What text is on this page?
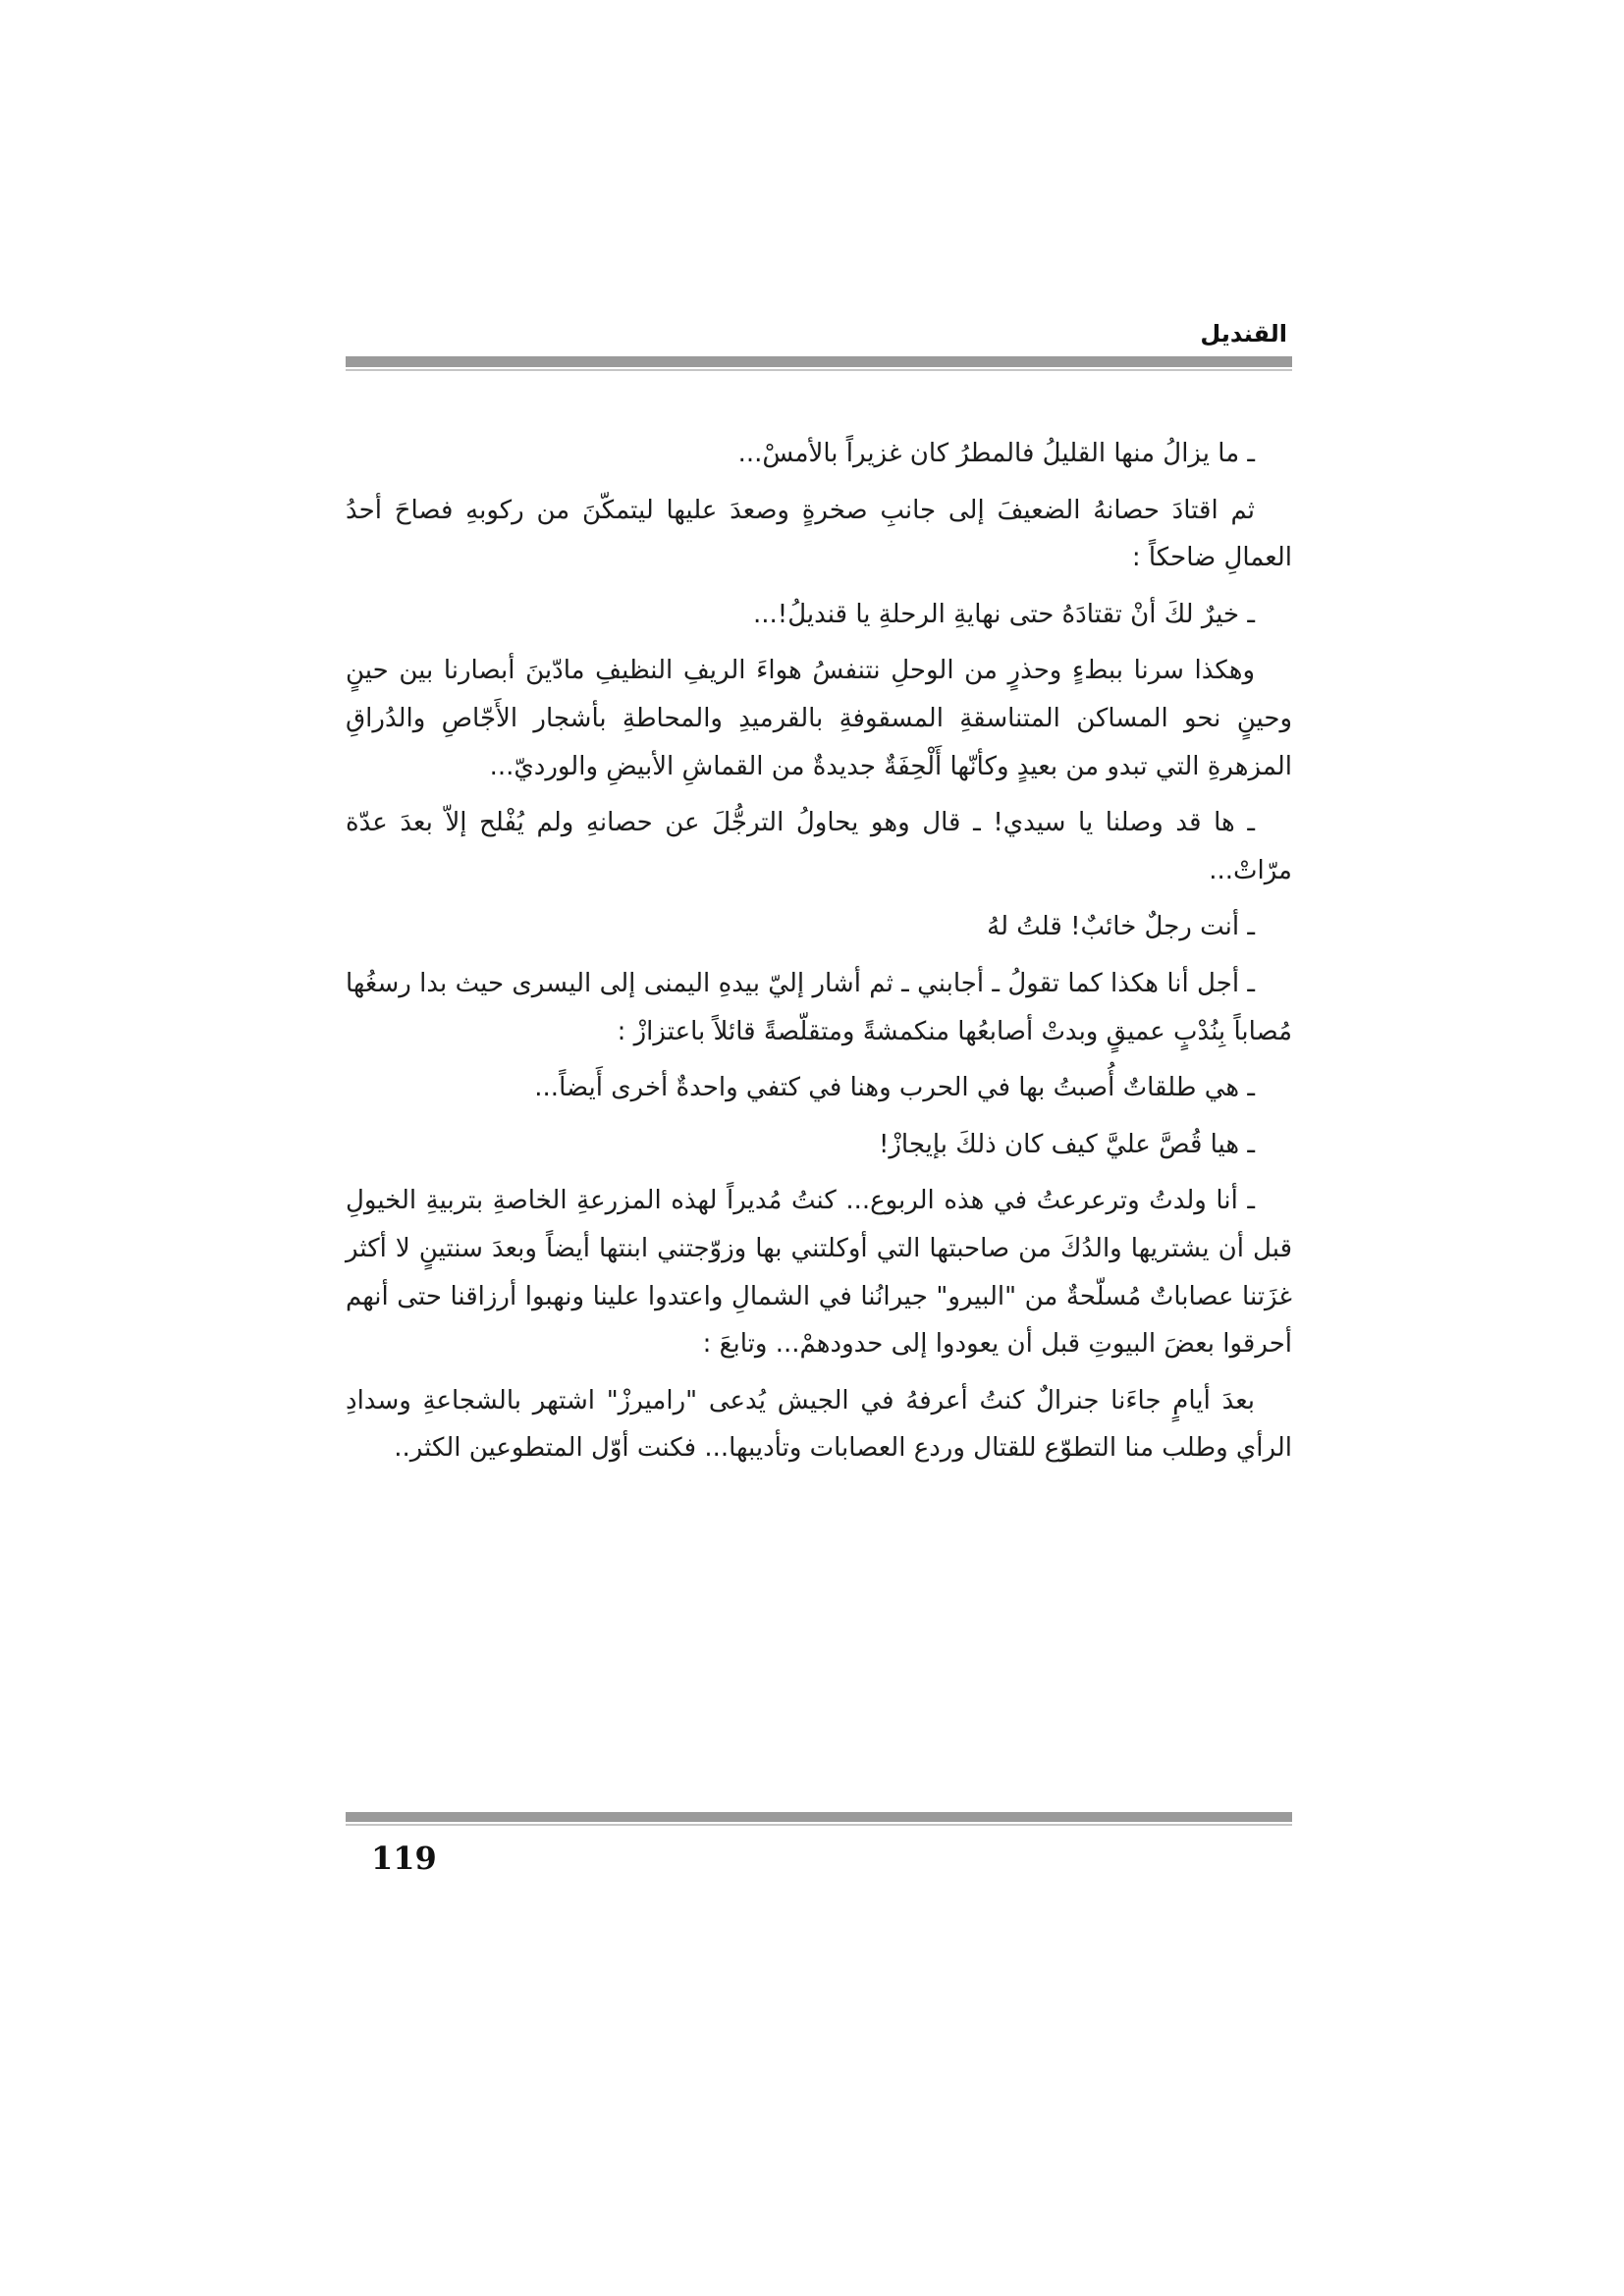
القنديل

ـ ما يزالُ منها القليلُ فالمطرُ كان غزيراً بالأمسْ...

ثم اقتادَ حصانهُ الضعيفَ إلى جانبِ صخرةٍ وصعدَ عليها ليتمكّنَ من ركوبهِ فصاحَ أحدُ العمالِ ضاحكاً :

ـ خيرٌ لكَ أنْ تقتادَهُ حتى نهايةِ الرحلةِ يا قنديلُ!...

وهكذا سرنا ببطءٍ وحذرٍ من الوحلِ نتنفسُ هواءَ الريفِ النظيفِ مادّينَ أبصارنا بين حينٍ وحينٍ نحو المساكن المتناسقةِ المسقوفةِ بالقرميدِ والمحاطةِ بأشجار الأَجّاصِ والدُراقِ المزهرةِ التي تبدو من بعيدٍ وكأنّها أَلْحِفَةٌ جديدةٌ من القماشِ الأبيضِ والورديّ...

ـ ها قد وصلنا يا سيدي! ـ قال وهو يحاولُ الترجُّلَ عن حصانهِ ولم يُفْلح إلاّ بعدَ عدّة مرّاتْ...

ـ أنت رجلٌ خائبٌ! قلتُ لهُ

ـ أجل أنا هكذا كما تقولُ ـ أجابني ـ ثم أشار إليّ بيدهِ اليمنى إلى اليسرى حيث بدا رسغُها مُصاباً بِنُدْبٍ عميقٍ وبدتْ أصابعُها منكمشةً ومتقلّصةً قائلاً باعتزازْ :

ـ هي طلقاتٌ أُصبتُ بها في الحرب وهنا في كتفي واحدةٌ أخرى أَيضاً...

ـ هيا قُصَّ عليَّ كيف كان ذلكَ بإيجازْ!

ـ أنا ولدتُ وترعرعتُ في هذه الربوع... كنتُ مُديراً لهذه المزرعةِ الخاصةِ بتربيةِ الخيولِ قبل أن يشتريها والدُكَ من صاحبتها التي أوكلتني بها وزوّجتني ابنتها أيضاً وبعدَ سنتينٍ لا أكثر غزَتنا عصاباتٌ مُسلّحةٌ من "البيرو" جيرانُنا في الشمالِ واعتدوا علينا ونهبوا أرزاقنا حتى أنهم أحرقوا بعضَ البيوتِ قبل أن يعودوا إلى حدودهمْ... وتابعَ :

بعدَ أيامٍ جاءَنا جنرالٌ كنتُ أعرفهُ في الجيش يُدعى "راميرزْ" اشتهر بالشجاعةِ وسدادِ الرأي وطلب منا التطوّع للقتال وردع العصابات وتأديبها... فكنت أوّل المتطوعين الكثر..

119
